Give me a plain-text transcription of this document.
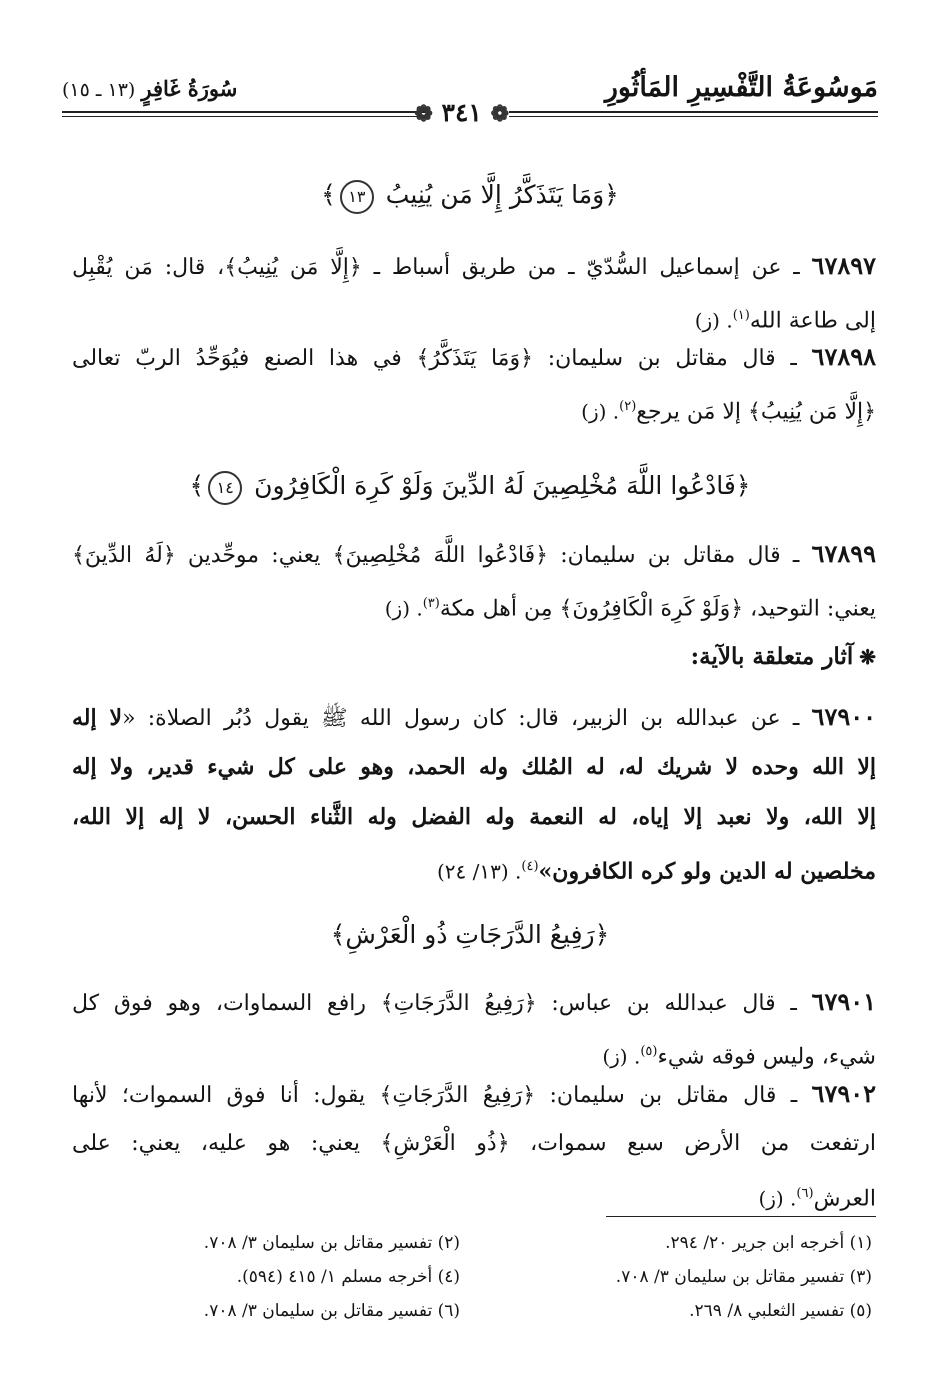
مَوسُوعَةُ التَّفْسِيرِ المَأثُورِ
سُورَةُ غَافِرٍ (١٣ ـ ١٥)
❁ ٣٤١ ❁
﴿وَمَا يَتَذَكَّرُ إِلَّا مَن يُنِيبُ ١٣﴾
٦٧٨٩٧ ـ عن إسماعيل السُّدّيّ ـ من طريق أسباط ـ ﴿إِلَّا مَن يُنِيبُ﴾، قال: مَن يُقْبِل
إلى طاعة الله$^{(١)}$. (ز)
٦٧٨٩٨ ـ قال مقاتل بن سليمان: ﴿وَمَا يَتَذَكَّرُ﴾ في هذا الصنع فيُوَحِّدُ الربّ تعالى
﴿إِلَّا مَن يُنِيبُ﴾ إلا مَن يرجع$^{(٢)}$. (ز)
﴿فَادْعُوا اللَّهَ مُخْلِصِينَ لَهُ الدِّينَ وَلَوْ كَرِهَ الْكَافِرُونَ ١٤﴾
٦٧٨٩٩ ـ قال مقاتل بن سليمان: ﴿فَادْعُوا اللَّهَ مُخْلِصِينَ﴾ يعني: موحِّدين ﴿لَهُ الدِّينَ﴾
يعني: التوحيد، ﴿وَلَوْ كَرِهَ الْكَافِرُونَ﴾ مِن أهل مكة$^{(٣)}$. (ز)
❋آثار متعلقة بالآية:
٦٧٩٠٠ ـ عن عبدالله بن الزبير، قال: كان رسول الله ﷺ يقول دُبُر الصلاة: «لا إله
إلا الله وحده لا شريك له، له المُلك وله الحمد، وهو على كل شيء قدير، ولا إله
إلا الله، ولا نعبد إلا إياه، له النعمة وله الفضل وله الثَّناء الحسن، لا إله إلا الله،
مخلصين له الدين ولو كره الكافرون»$^{(٤)}$. (١٣/ ٢٤)
﴿رَفِيعُ الدَّرَجَاتِ ذُو الْعَرْشِ﴾
٦٧٩٠١ ـ قال عبدالله بن عباس: ﴿رَفِيعُ الدَّرَجَاتِ﴾ رافع السماوات، وهو فوق كل
شيء، وليس فوقه شيء$^{(٥)}$. (ز)
٦٧٩٠٢ ـ قال مقاتل بن سليمان: ﴿رَفِيعُ الدَّرَجَاتِ﴾ يقول: أنا فوق السموات؛ لأنها
ارتفعت من الأرض سبع سموات، ﴿ذُو الْعَرْشِ﴾ يعني: هو عليه، يعني: على
العرش$^{(٦)}$. (ز)
(١) أخرجه ابن جرير ٢٠/ ٢٩٤.
(٢) تفسير مقاتل بن سليمان ٣/ ٧٠٨.
(٣) تفسير مقاتل بن سليمان ٣/ ٧٠٨.
(٤) أخرجه مسلم ١/ ٤١٥ (٥٩٤).
(٥) تفسير الثعلبي ٨/ ٢٦٩.
(٦) تفسير مقاتل بن سليمان ٣/ ٧٠٨.
